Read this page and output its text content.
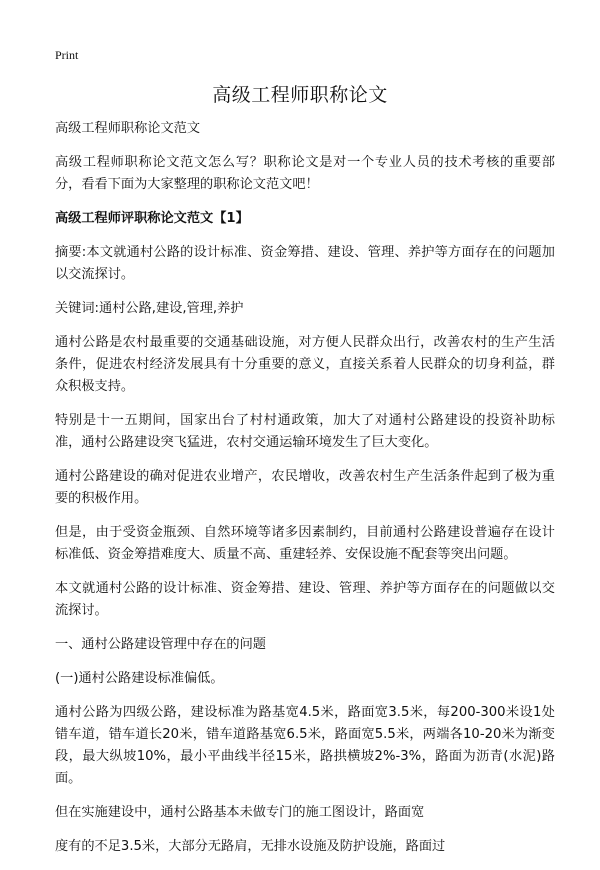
Print
高级工程师职称论文

高级工程师职称论文范文

高级工程师职称论文范文怎么写？职称论文是对一个专业人员的技术考核的重要部分，看看下面为大家整理的职称论文范文吧！

高级工程师评职称论文范文【1】

摘要:本文就通村公路的设计标准、资金筹措、建设、管理、养护等方面存在的问题加以交流探讨。

关键词:通村公路,建设,管理,养护

通村公路是农村最重要的交通基础设施，对方便人民群众出行，改善农村的生产生活条件，促进农村经济发展具有十分重要的意义，直接关系着人民群众的切身利益，群众积极支持。

特别是十一五期间，国家出台了村村通政策，加大了对通村公路建设的投资补助标准，通村公路建设突飞猛进，农村交通运输环境发生了巨大变化。

通村公路建设的确对促进农业增产，农民增收，改善农村生产生活条件起到了极为重要的积极作用。

但是，由于受资金瓶颈、自然环境等诸多因素制约，目前通村公路建设普遍存在设计标准低、资金筹措难度大、质量不高、重建轻养、安保设施不配套等突出问题。

本文就通村公路的设计标准、资金筹措、建设、管理、养护等方面存在的问题做以交流探讨。

一、通村公路建设管理中存在的问题

(一)通村公路建设标准偏低。

通村公路为四级公路，建设标准为路基宽4.5米，路面宽3.5米，每200-300米设1处错车道，错车道长20米，错车道路基宽6.5米，路面宽5.5米，两端各10-20米为渐变段，最大纵坡10%，最小平曲线半径15米，路拱横坡2%-3%，路面为沥青(水泥)路面。

但在实施建设中，通村公路基本未做专门的施工图设计，路面宽

度有的不足3.5米，大部分无路肩，无排水设施及防护设施，路面过
